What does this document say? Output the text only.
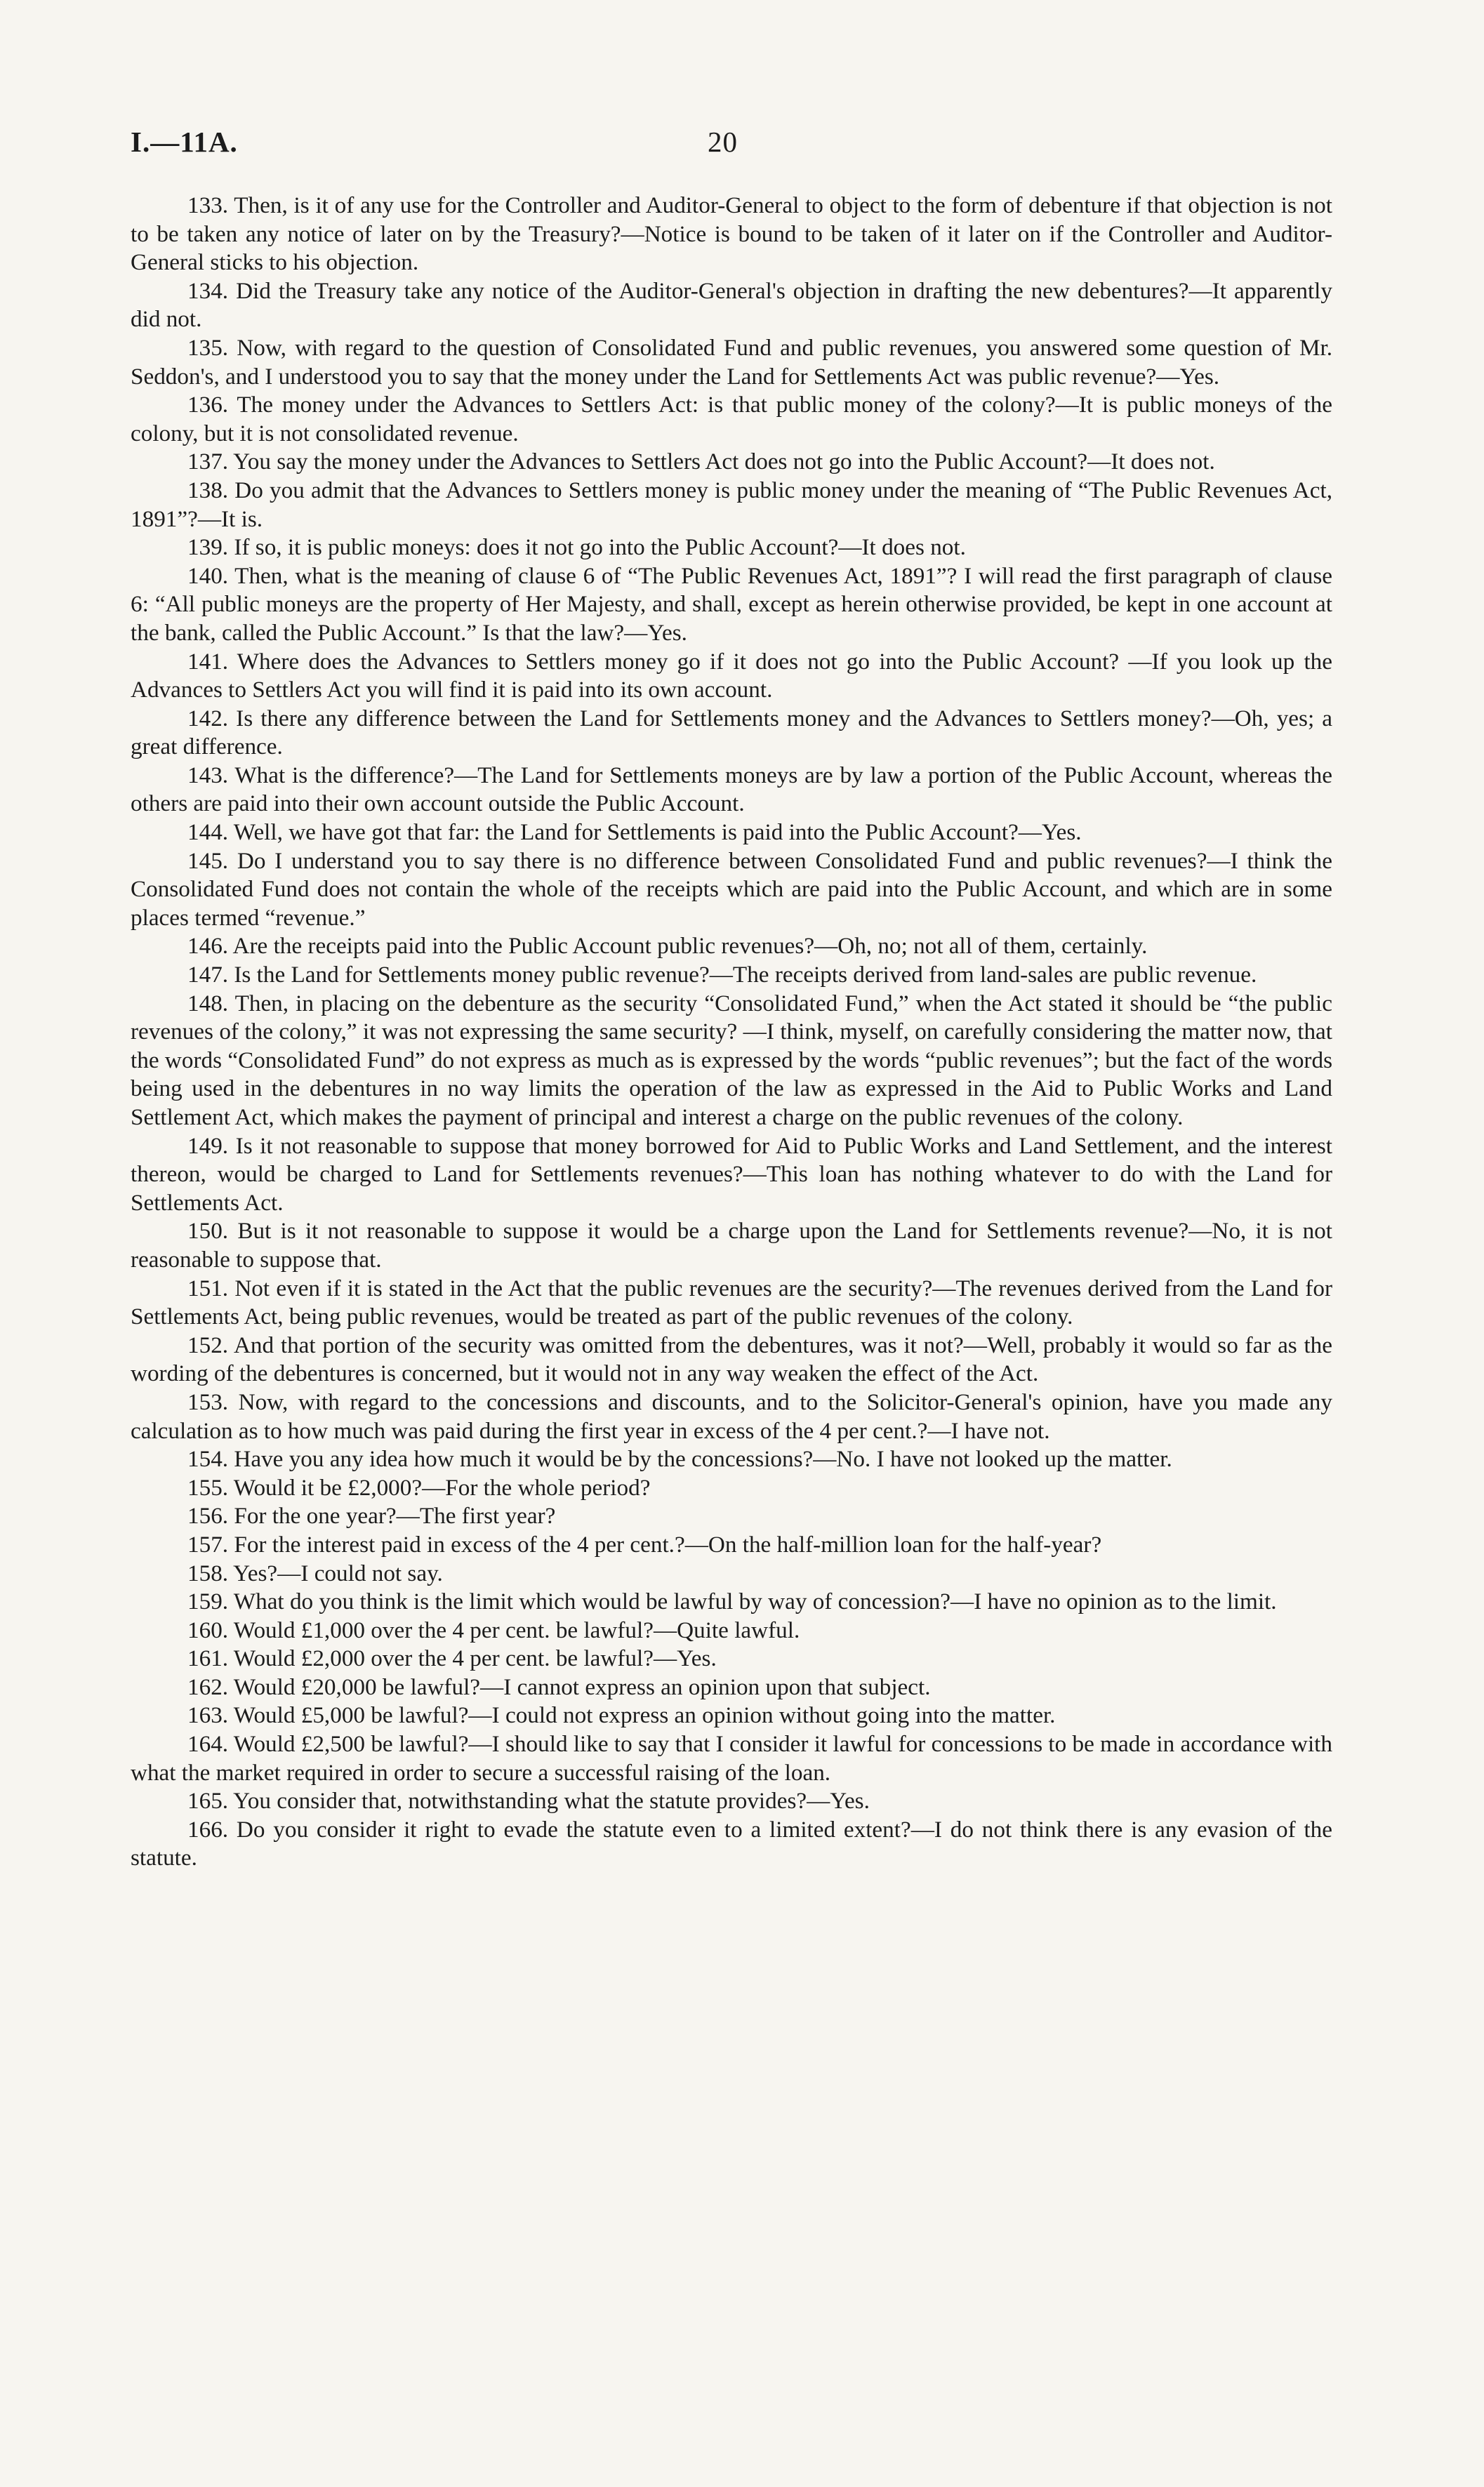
I.—11A.	20

133. Then, is it of any use for the Controller and Auditor-General to object to the form of debenture if that objection is not to be taken any notice of later on by the Treasury?—Notice is bound to be taken of it later on if the Controller and Auditor-General sticks to his objection.

134. Did the Treasury take any notice of the Auditor-General's objection in drafting the new debentures?—It apparently did not.

135. Now, with regard to the question of Consolidated Fund and public revenues, you answered some question of Mr. Seddon's, and I understood you to say that the money under the Land for Settlements Act was public revenue?—Yes.

136. The money under the Advances to Settlers Act: is that public money of the colony?—It is public moneys of the colony, but it is not consolidated revenue.

137. You say the money under the Advances to Settlers Act does not go into the Public Account?—It does not.

138. Do you admit that the Advances to Settlers money is public money under the meaning of “The Public Revenues Act, 1891”?—It is.

139. If so, it is public moneys: does it not go into the Public Account?—It does not.

140. Then, what is the meaning of clause 6 of “The Public Revenues Act, 1891”? I will read the first paragraph of clause 6: “All public moneys are the property of Her Majesty, and shall, except as herein otherwise provided, be kept in one account at the bank, called the Public Account.” Is that the law?—Yes.

141. Where does the Advances to Settlers money go if it does not go into the Public Account? —If you look up the Advances to Settlers Act you will find it is paid into its own account.

142. Is there any difference between the Land for Settlements money and the Advances to Settlers money?—Oh, yes; a great difference.

143. What is the difference?—The Land for Settlements moneys are by law a portion of the Public Account, whereas the others are paid into their own account outside the Public Account.

144. Well, we have got that far: the Land for Settlements is paid into the Public Account?—Yes.

145. Do I understand you to say there is no difference between Consolidated Fund and public revenues?—I think the Consolidated Fund does not contain the whole of the receipts which are paid into the Public Account, and which are in some places termed “revenue.”

146. Are the receipts paid into the Public Account public revenues?—Oh, no; not all of them, certainly.

147. Is the Land for Settlements money public revenue?—The receipts derived from land-sales are public revenue.

148. Then, in placing on the debenture as the security “Consolidated Fund,” when the Act stated it should be “the public revenues of the colony,” it was not expressing the same security? —I think, myself, on carefully considering the matter now, that the words “Consolidated Fund” do not express as much as is expressed by the words “public revenues”; but the fact of the words being used in the debentures in no way limits the operation of the law as expressed in the Aid to Public Works and Land Settlement Act, which makes the payment of principal and interest a charge on the public revenues of the colony.

149. Is it not reasonable to suppose that money borrowed for Aid to Public Works and Land Settlement, and the interest thereon, would be charged to Land for Settlements revenues?—This loan has nothing whatever to do with the Land for Settlements Act.

150. But is it not reasonable to suppose it would be a charge upon the Land for Settlements revenue?—No, it is not reasonable to suppose that.

151. Not even if it is stated in the Act that the public revenues are the security?—The revenues derived from the Land for Settlements Act, being public revenues, would be treated as part of the public revenues of the colony.

152. And that portion of the security was omitted from the debentures, was it not?—Well, probably it would so far as the wording of the debentures is concerned, but it would not in any way weaken the effect of the Act.

153. Now, with regard to the concessions and discounts, and to the Solicitor-General's opinion, have you made any calculation as to how much was paid during the first year in excess of the 4 per cent.?—I have not.

154. Have you any idea how much it would be by the concessions?—No. I have not looked up the matter.

155. Would it be £2,000?—For the whole period?

156. For the one year?—The first year?

157. For the interest paid in excess of the 4 per cent.?—On the half-million loan for the half-year?

158. Yes?—I could not say.

159. What do you think is the limit which would be lawful by way of concession?—I have no opinion as to the limit.

160. Would £1,000 over the 4 per cent. be lawful?—Quite lawful.

161. Would £2,000 over the 4 per cent. be lawful?—Yes.

162. Would £20,000 be lawful?—I cannot express an opinion upon that subject.

163. Would £5,000 be lawful?—I could not express an opinion without going into the matter.

164. Would £2,500 be lawful?—I should like to say that I consider it lawful for concessions to be made in accordance with what the market required in order to secure a successful raising of the loan.

165. You consider that, notwithstanding what the statute provides?—Yes.

166. Do you consider it right to evade the statute even to a limited extent?—I do not think there is any evasion of the statute.
